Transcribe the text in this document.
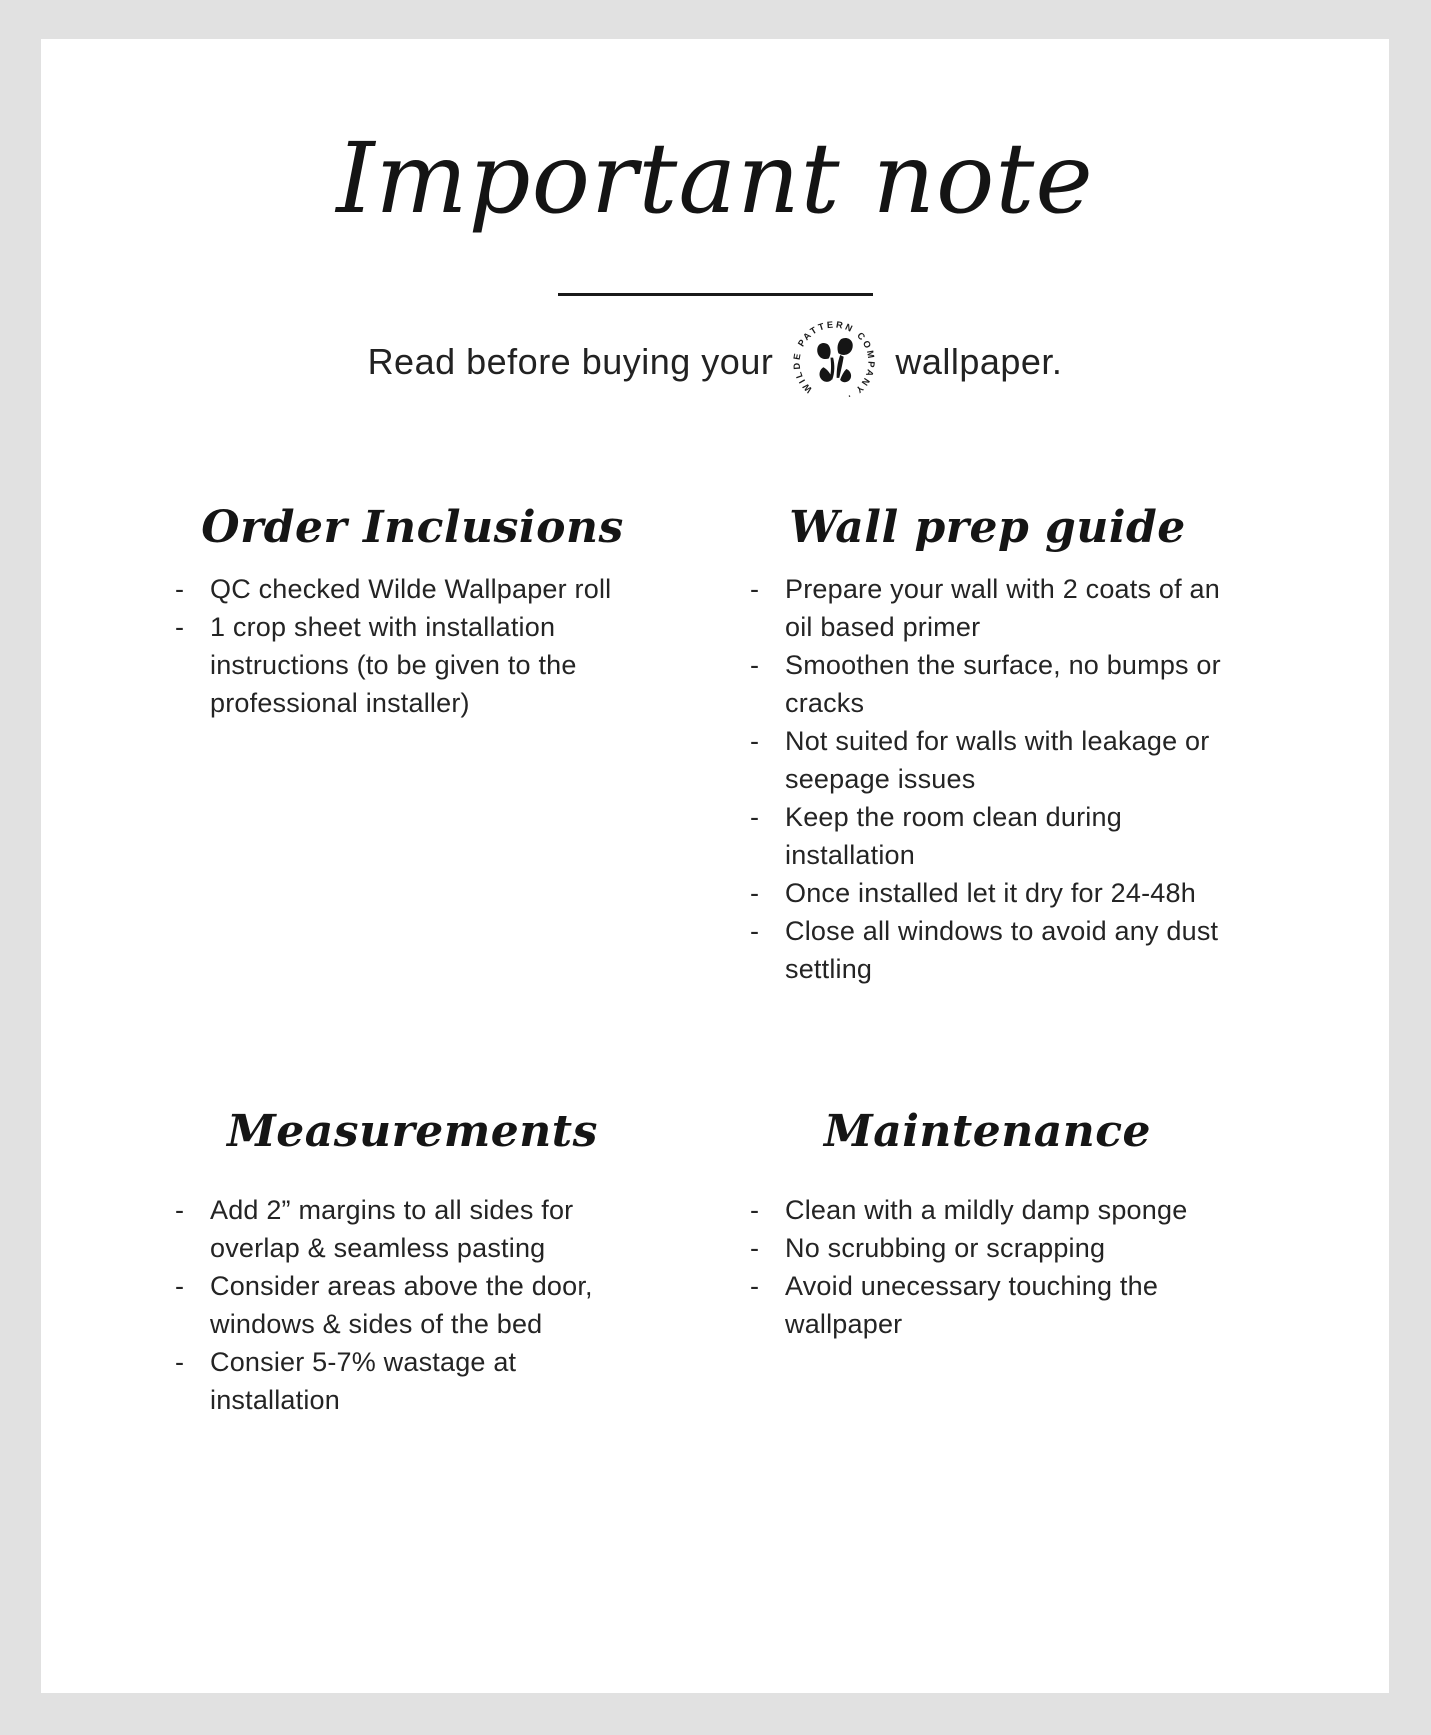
Important note
Read before buying your
WILDE PATTERN COMPANY ·
wallpaper.
Order Inclusions
- QC checked Wilde Wallpaper roll
- 1 crop sheet with installation instructions (to be given to the professional installer)
Wall prep guide
- Prepare your wall with 2 coats of an oil based primer
- Smoothen the surface, no bumps or cracks
- Not suited for walls with leakage or seepage issues
- Keep the room clean during installation
- Once installed let it dry for 24-48h
- Close all windows to avoid any dust settling
Measurements
- Add 2” margins to all sides for overlap & seamless pasting
- Consider areas above the door, windows & sides of the bed
- Consier 5-7% wastage at installation
Maintenance
- Clean with a mildly damp sponge
- No scrubbing or scrapping
- Avoid unecessary touching the wallpaper
